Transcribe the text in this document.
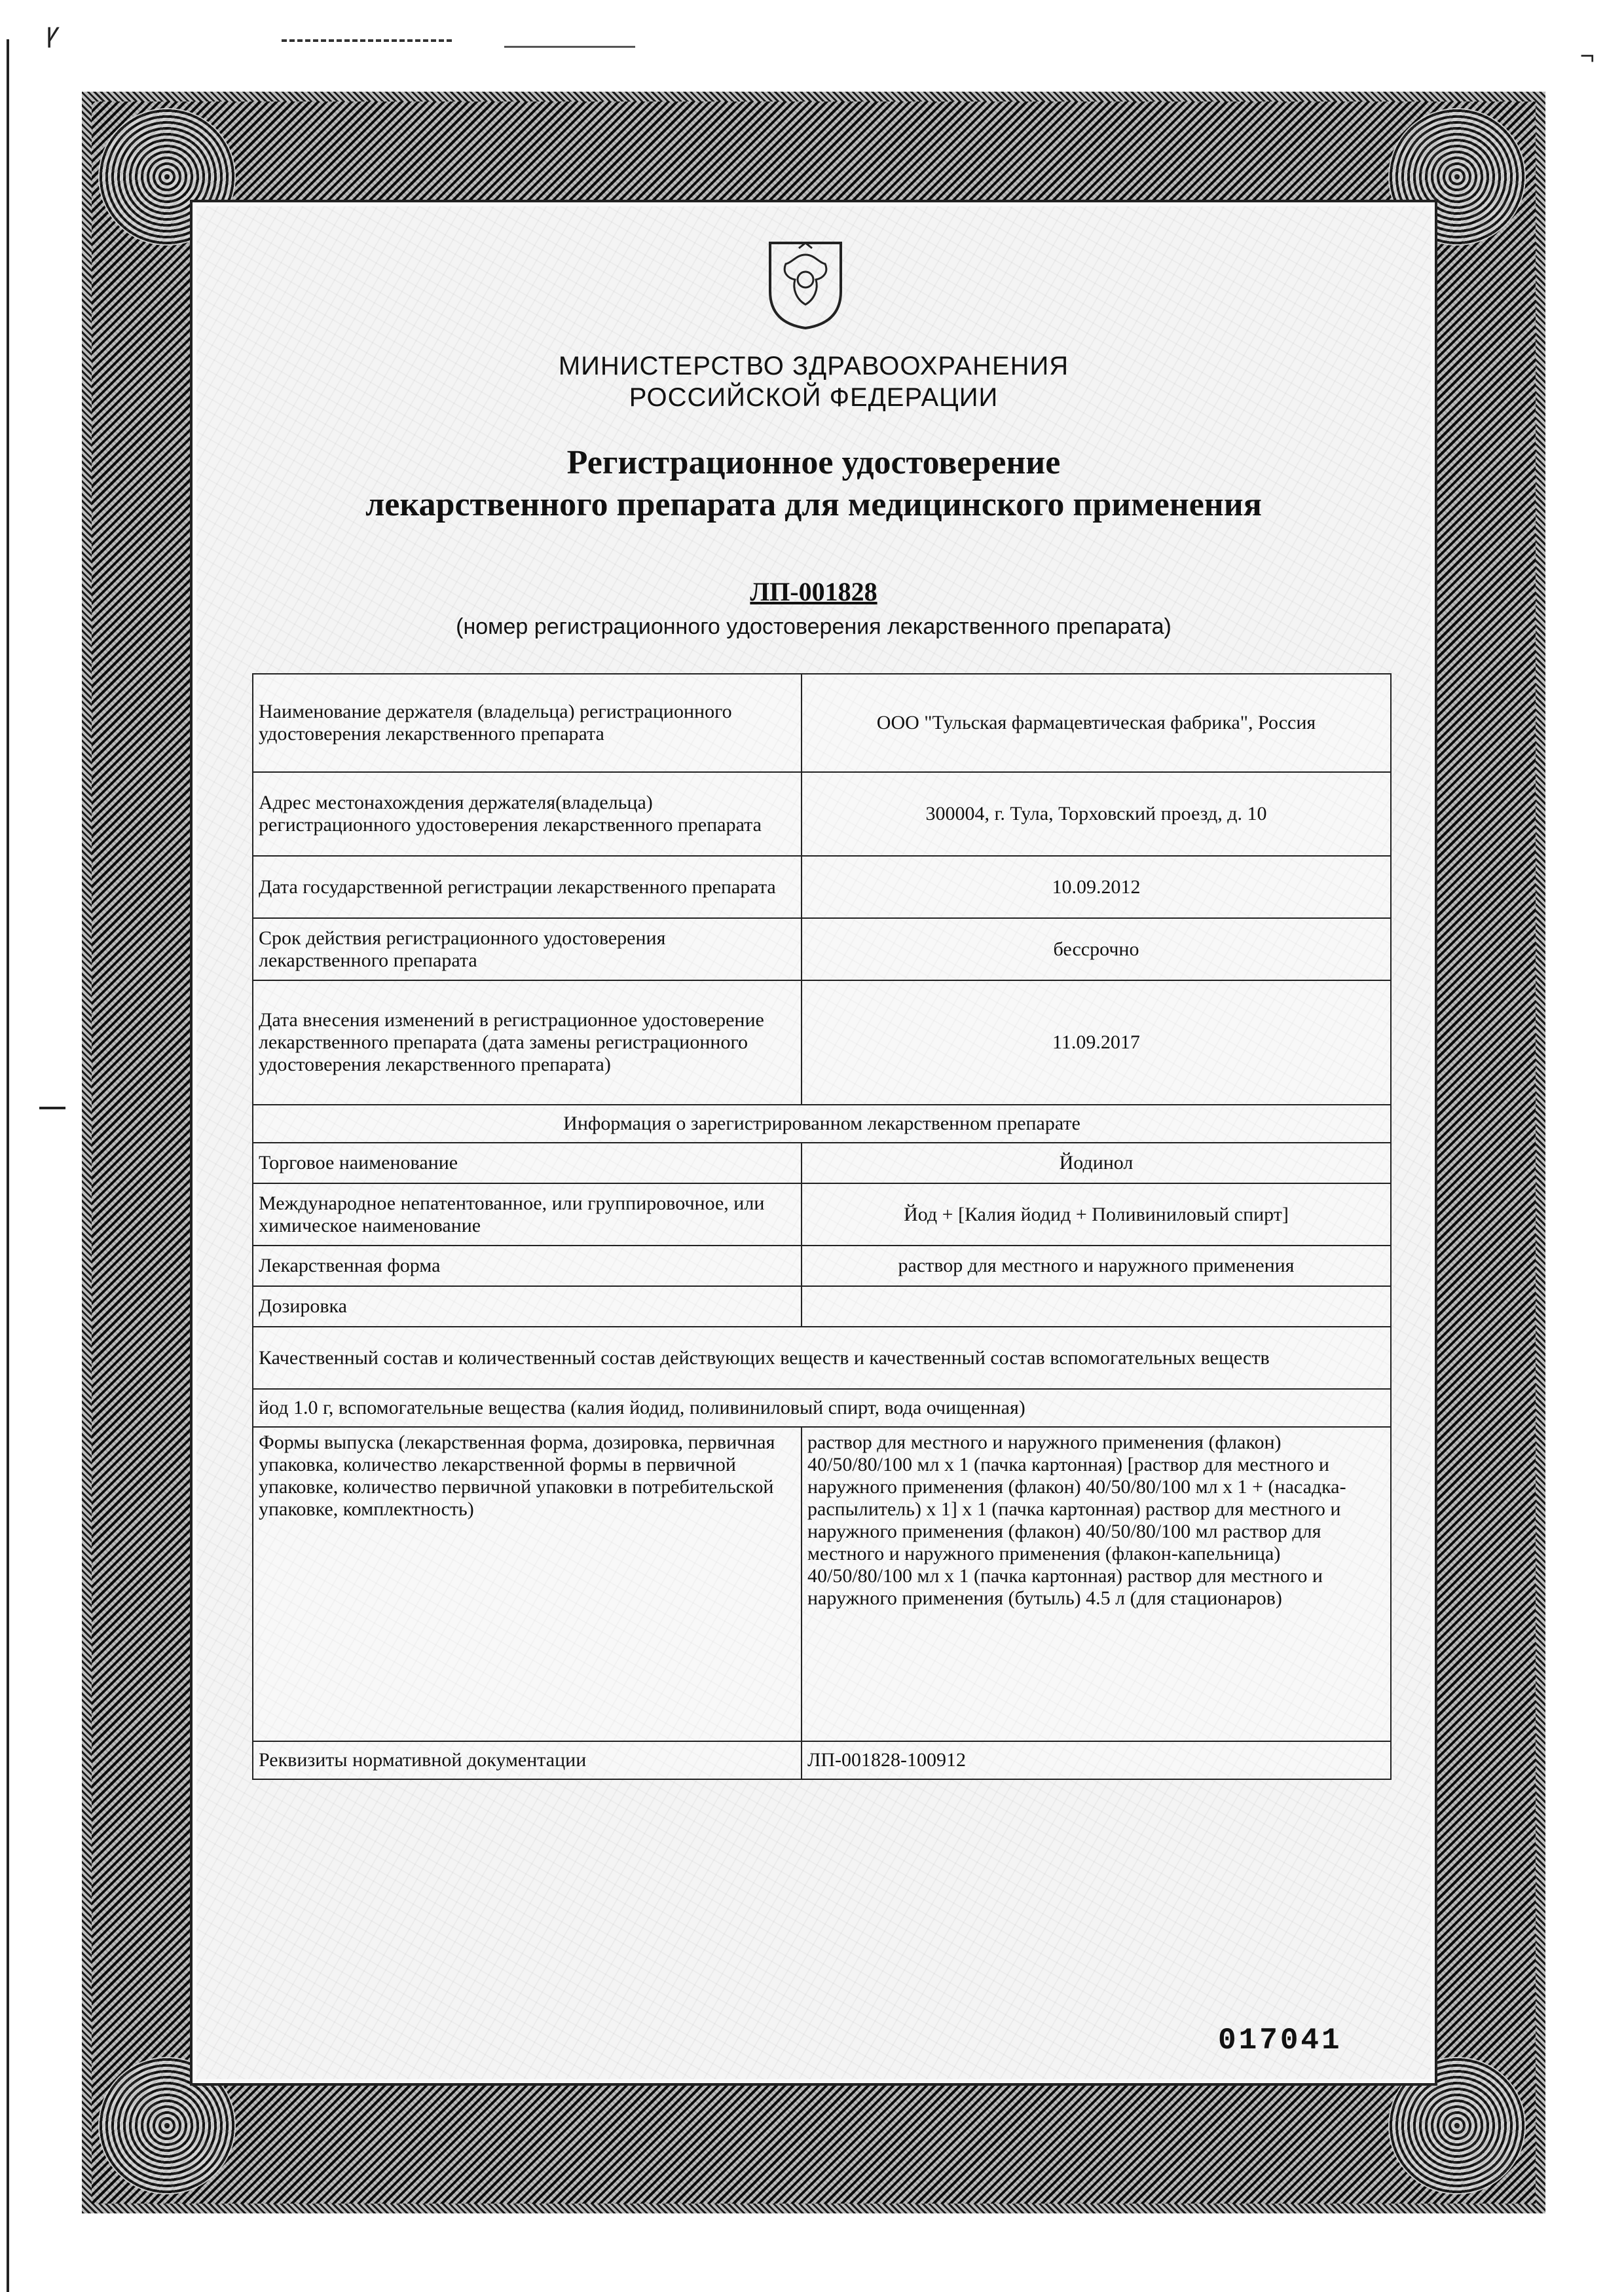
ꝩ
¬
МИНИСТЕРСТВО ЗДРАВООХРАНЕНИЯ
РОССИЙСКОЙ ФЕДЕРАЦИИ
Регистрационное удостоверение
лекарственного препарата для медицинского применения
ЛП-001828
(номер регистрационного удостоверения лекарственного препарата)
Наименование держателя (владельца) регистрационного удостоверения лекарственного препарата	ООО "Тульская фармацевтическая фабрика", Россия
Адрес местонахождения держателя(владельца) регистрационного удостоверения лекарственного препарата	300004, г. Тула, Торховский проезд, д. 10
Дата государственной регистрации лекарственного препарата	10.09.2012
Срок действия регистрационного удостоверения лекарственного препарата	бессрочно
Дата внесения изменений в регистрационное удостоверение лекарственного препарата (дата замены регистрационного удостоверения лекарственного препарата)	11.09.2017
Информация о зарегистрированном лекарственном препарате	
Торговое наименование	Йодинол
Международное непатентованное, или группировочное, или химическое наименование	Йод + [Калия йодид + Поливиниловый спирт]
Лекарственная форма	раствор для местного и наружного применения
Дозировка	
Качественный состав и количественный состав действующих веществ и качественный состав вспомогательных веществ	
йод 1.0 г, вспомогательные вещества (калия йодид, поливиниловый спирт, вода очищенная)	
Формы выпуска (лекарственная форма, дозировка, первичная упаковка, количество лекарственной формы в первичной упаковке, количество первичной упаковки в потребительской упаковке, комплектность)	раствор для местного и наружного применения (флакон) 40/50/80/100 мл x 1 (пачка картонная) [раствор для местного и наружного применения (флакон) 40/50/80/100 мл x 1 + (насадка-распылитель) x 1] x 1 (пачка картонная) раствор для местного и наружного применения (флакон) 40/50/80/100 мл раствор для местного и наружного применения (флакон-капельница) 40/50/80/100 мл x 1 (пачка картонная) раствор для местного и наружного применения (бутыль) 4.5 л (для стационаров)
Реквизиты нормативной документации	ЛП-001828-100912
017041
